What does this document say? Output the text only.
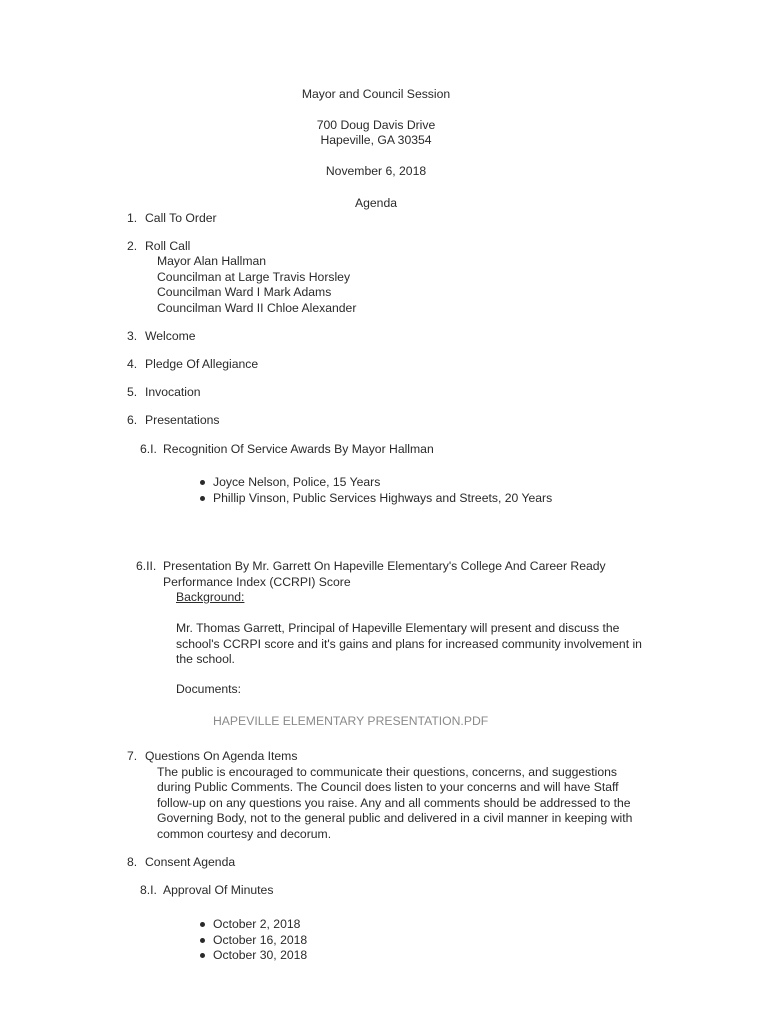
Mayor and Council Session
700 Doug Davis Drive
Hapeville, GA 30354
November 6, 2018
Agenda
1. Call To Order
2. Roll Call
Mayor Alan Hallman
Councilman at Large Travis Horsley
Councilman Ward I Mark Adams
Councilman Ward II Chloe Alexander
3. Welcome
4. Pledge Of Allegiance
5. Invocation
6. Presentations
6.I. Recognition Of Service Awards By Mayor Hallman
Joyce Nelson, Police, 15 Years
Phillip Vinson, Public Services Highways and Streets, 20 Years
6.II. Presentation By Mr. Garrett On Hapeville Elementary's College And Career Ready
Performance Index (CCRPI) Score
Background:
Mr. Thomas Garrett, Principal of Hapeville Elementary will present and discuss the
school's CCRPI score and it's gains and plans for increased community involvement in
the school.
Documents:
HAPEVILLE ELEMENTARY PRESENTATION.PDF
7. Questions On Agenda Items
The public is encouraged to communicate their questions, concerns, and suggestions
during Public Comments. The Council does listen to your concerns and will have Staff
follow-up on any questions you raise. Any and all comments should be addressed to the
Governing Body, not to the general public and delivered in a civil manner in keeping with
common courtesy and decorum.
8. Consent Agenda
8.I. Approval Of Minutes
October 2, 2018
October 16, 2018
October 30, 2018
